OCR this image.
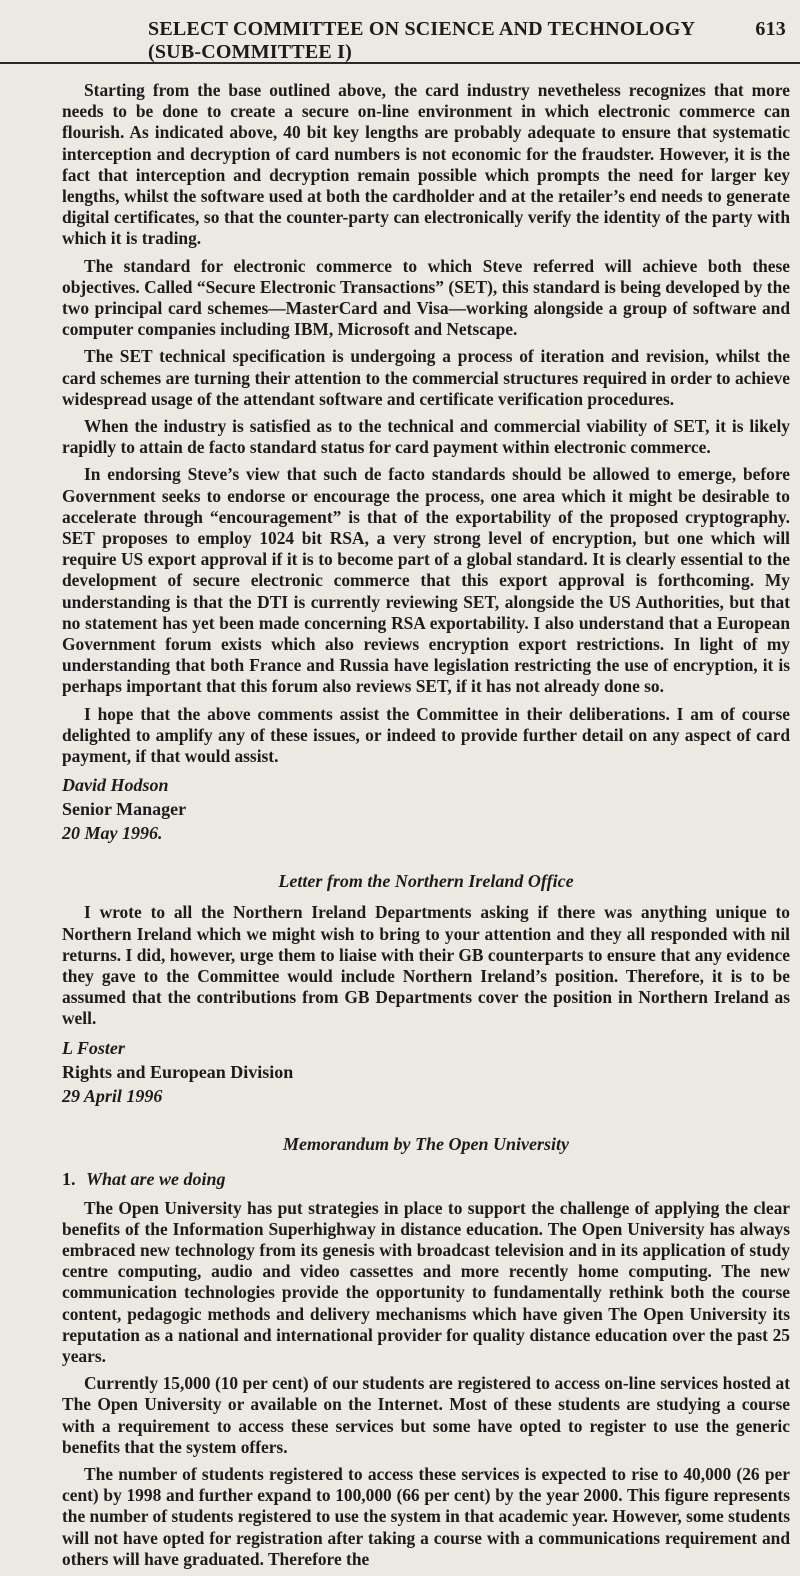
SELECT COMMITTEE ON SCIENCE AND TECHNOLOGY (SUB-COMMITTEE I)
613

Starting from the base outlined above, the card industry nevetheless recognizes that more needs to be done to create a secure on-line environment in which electronic commerce can flourish. As indicated above, 40 bit key lengths are probably adequate to ensure that systematic interception and decryption of card numbers is not economic for the fraudster. However, it is the fact that interception and decryption remain possible which prompts the need for larger key lengths, whilst the software used at both the cardholder and at the retailer’s end needs to generate digital certificates, so that the counter-party can electronically verify the identity of the party with which it is trading.

The standard for electronic commerce to which Steve referred will achieve both these objectives. Called “Secure Electronic Transactions” (SET), this standard is being developed by the two principal card schemes—MasterCard and Visa—working alongside a group of software and computer companies including IBM, Microsoft and Netscape.

The SET technical specification is undergoing a process of iteration and revision, whilst the card schemes are turning their attention to the commercial structures required in order to achieve widespread usage of the attendant software and certificate verification procedures.

When the industry is satisfied as to the technical and commercial viability of SET, it is likely rapidly to attain de facto standard status for card payment within electronic commerce.

In endorsing Steve’s view that such de facto standards should be allowed to emerge, before Government seeks to endorse or encourage the process, one area which it might be desirable to accelerate through “encouragement” is that of the exportability of the proposed cryptography. SET proposes to employ 1024 bit RSA, a very strong level of encryption, but one which will require US export approval if it is to become part of a global standard. It is clearly essential to the development of secure electronic commerce that this export approval is forthcoming. My understanding is that the DTI is currently reviewing SET, alongside the US Authorities, but that no statement has yet been made concerning RSA exportability. I also understand that a European Government forum exists which also reviews encryption export restrictions. In light of my understanding that both France and Russia have legislation restricting the use of encryption, it is perhaps important that this forum also reviews SET, if it has not already done so.

I hope that the above comments assist the Committee in their deliberations. I am of course delighted to amplify any of these issues, or indeed to provide further detail on any aspect of card payment, if that would assist.

David Hodson
Senior Manager
20 May 1996.
Letter from the Northern Ireland Office

I wrote to all the Northern Ireland Departments asking if there was anything unique to Northern Ireland which we might wish to bring to your attention and they all responded with nil returns. I did, however, urge them to liaise with their GB counterparts to ensure that any evidence they gave to the Committee would include Northern Ireland’s position. Therefore, it is to be assumed that the contributions from GB Departments cover the position in Northern Ireland as well.

L Foster
Rights and European Division
29 April 1996
Memorandum by The Open University
1. What are we doing

The Open University has put strategies in place to support the challenge of applying the clear benefits of the Information Superhighway in distance education. The Open University has always embraced new technology from its genesis with broadcast television and in its application of study centre computing, audio and video cassettes and more recently home computing. The new communication technologies provide the opportunity to fundamentally rethink both the course content, pedagogic methods and delivery mechanisms which have given The Open University its reputation as a national and international provider for quality distance education over the past 25 years.

Currently 15,000 (10 per cent) of our students are registered to access on-line services hosted at The Open University or available on the Internet. Most of these students are studying a course with a requirement to access these services but some have opted to register to use the generic benefits that the system offers.

The number of students registered to access these services is expected to rise to 40,000 (26 per cent) by 1998 and further expand to 100,000 (66 per cent) by the year 2000. This figure represents the number of students registered to use the system in that academic year. However, some students will not have opted for registration after taking a course with a communications requirement and others will have graduated. Therefore the
